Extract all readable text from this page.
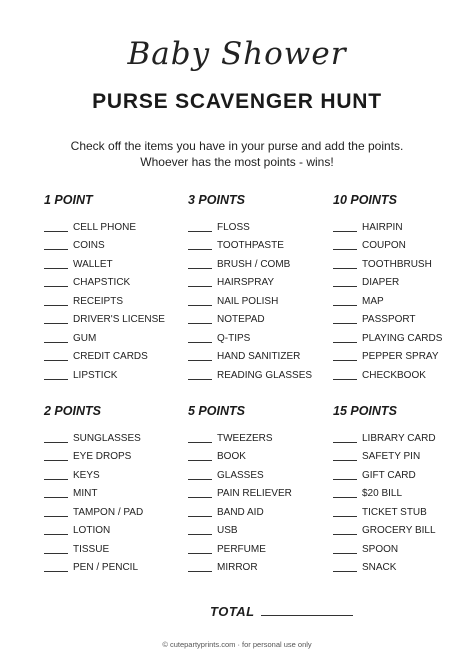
Baby Shower
PURSE SCAVENGER HUNT
Check off the items you have in your purse and add the points.
Whoever has the most points - wins!
1 POINT
CELL PHONE
COINS
WALLET
CHAPSTICK
RECEIPTS
DRIVER'S LICENSE
GUM
CREDIT CARDS
LIPSTICK
3 POINTS
FLOSS
TOOTHPASTE
BRUSH / COMB
HAIRSPRAY
NAIL POLISH
NOTEPAD
Q-TIPS
HAND SANITIZER
READING GLASSES
10 POINTS
HAIRPIN
COUPON
TOOTHBRUSH
DIAPER
MAP
PASSPORT
PLAYING CARDS
PEPPER SPRAY
CHECKBOOK
2 POINTS
SUNGLASSES
EYE DROPS
KEYS
MINT
TAMPON / PAD
LOTION
TISSUE
PEN / PENCIL
5 POINTS
TWEEZERS
BOOK
GLASSES
PAIN RELIEVER
BAND AID
USB
PERFUME
MIRROR
15 POINTS
LIBRARY CARD
SAFETY PIN
GIFT CARD
$20 BILL
TICKET STUB
GROCERY BILL
SPOON
SNACK
TOTAL
© cutepartyprints.com · for personal use only
